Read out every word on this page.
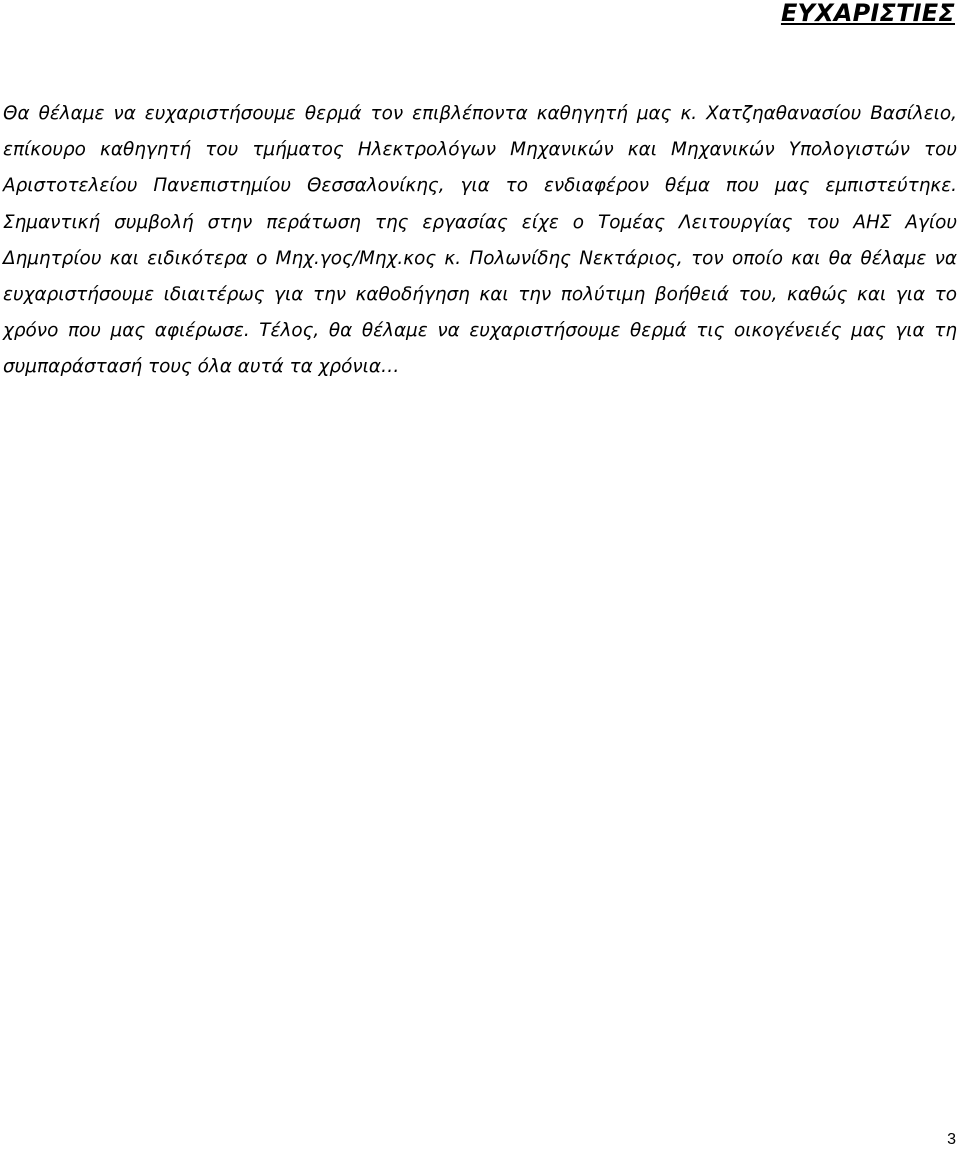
ΕΥΧΑΡΙΣΤΙΕΣ

Θα θέλαμε να ευχαριστήσουμε θερμά τον επιβλέποντα καθηγητή μας κ. Χατζηαθανασίου Βασίλειο, επίκουρο καθηγητή του τμήματος Ηλεκτρολόγων Μηχανικών και Μηχανικών Υπολογιστών του Αριστοτελείου Πανεπιστημίου Θεσσαλονίκης, για το ενδιαφέρον θέμα που μας εμπιστεύτηκε. Σημαντική συμβολή στην περάτωση της εργασίας είχε ο Τομέας Λειτουργίας του ΑΗΣ Αγίου Δημητρίου και ειδικότερα ο Μηχ.γος/Μηχ.κος κ. Πολωνίδης Νεκτάριος, τον οποίο και θα θέλαμε να ευχαριστήσουμε ιδιαιτέρως για την καθοδήγηση και την πολύτιμη βοήθειά του, καθώς και για το χρόνο που μας αφιέρωσε. Τέλος, θα θέλαμε να ευχαριστήσουμε θερμά τις οικογένειές μας για τη συμπαράστασή τους όλα αυτά τα χρόνια…

3
